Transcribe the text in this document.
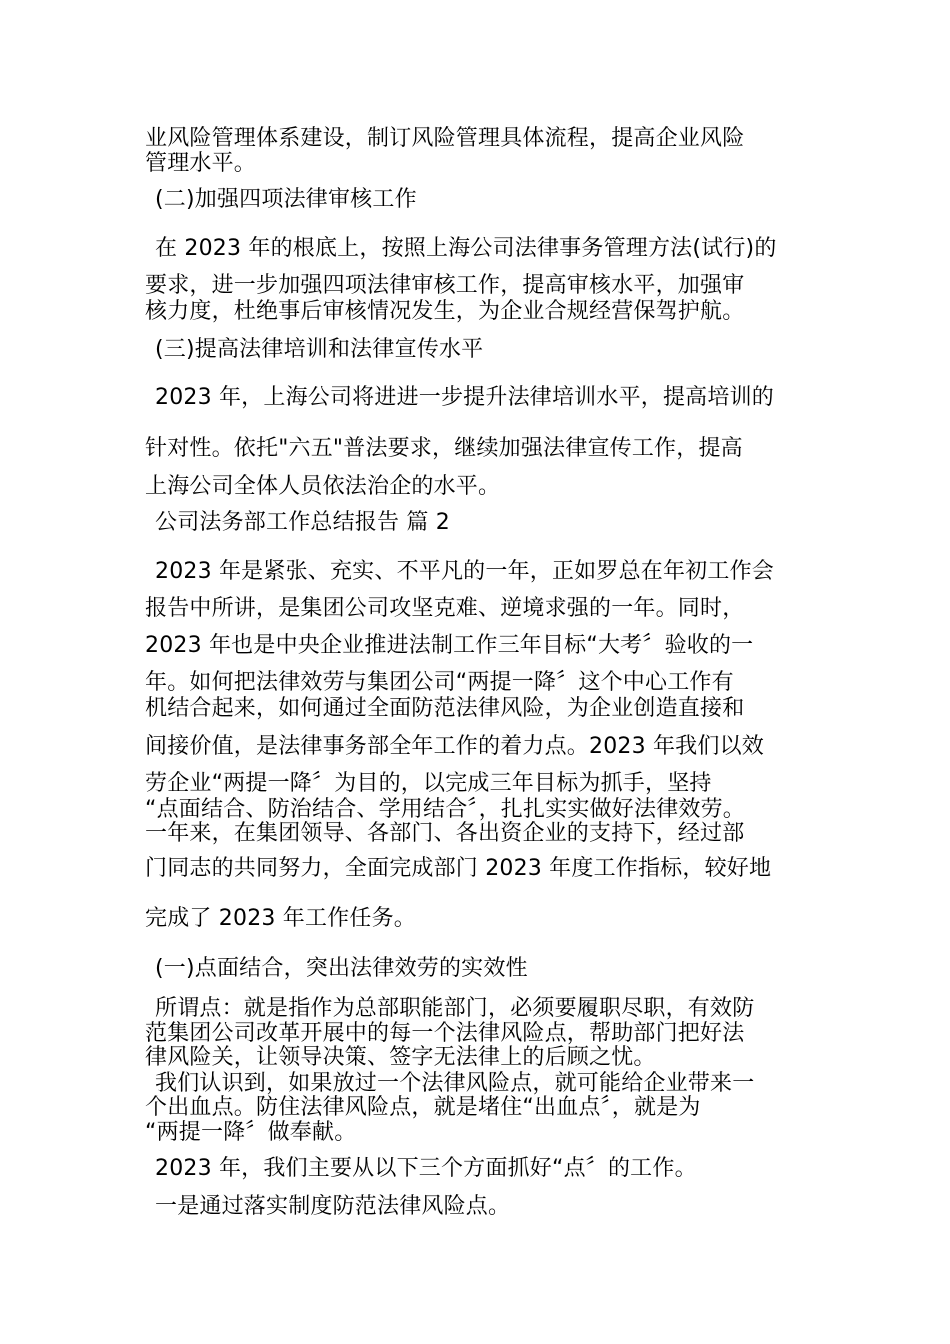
业风险管理体系建设，制订风险管理具体流程，提高企业风险
管理水平。
(二)加强四项法律审核工作
在 2023 年的根底上，按照上海公司法律事务管理方法(试行)的
要求，进一步加强四项法律审核工作，提高审核水平，加强审
核力度，杜绝事后审核情况发生，为企业合规经营保驾护航。
(三)提高法律培训和法律宣传水平
2023 年，上海公司将进进一步提升法律培训水平，提高培训的
针对性。依托"六五"普法要求，继续加强法律宣传工作，提高
上海公司全体人员依法治企的水平。
公司法务部工作总结报告 篇 2
2023 年是紧张、充实、不平凡的一年，正如罗总在年初工作会
报告中所讲，是集团公司攻坚克难、逆境求强的一年。同时，
2023 年也是中央企业推进法制工作三年目标“大考〞验收的一
年。如何把法律效劳与集团公司“两提一降〞这个中心工作有
机结合起来，如何通过全面防范法律风险，为企业创造直接和
间接价值，是法律事务部全年工作的着力点。2023 年我们以效
劳企业“两提一降〞为目的，以完成三年目标为抓手，坚持
“点面结合、防治结合、学用结合〞，扎扎实实做好法律效劳。
一年来，在集团领导、各部门、各出资企业的支持下，经过部
门同志的共同努力，全面完成部门 2023 年度工作指标，较好地
完成了 2023 年工作任务。
(一)点面结合，突出法律效劳的实效性
所谓点：就是指作为总部职能部门，必须要履职尽职，有效防
范集团公司改革开展中的每一个法律风险点，帮助部门把好法
律风险关，让领导决策、签字无法律上的后顾之忧。
我们认识到，如果放过一个法律风险点，就可能给企业带来一
个出血点。防住法律风险点，就是堵住“出血点〞，就是为
“两提一降〞做奉献。
2023 年，我们主要从以下三个方面抓好“点〞的工作。
一是通过落实制度防范法律风险点。
